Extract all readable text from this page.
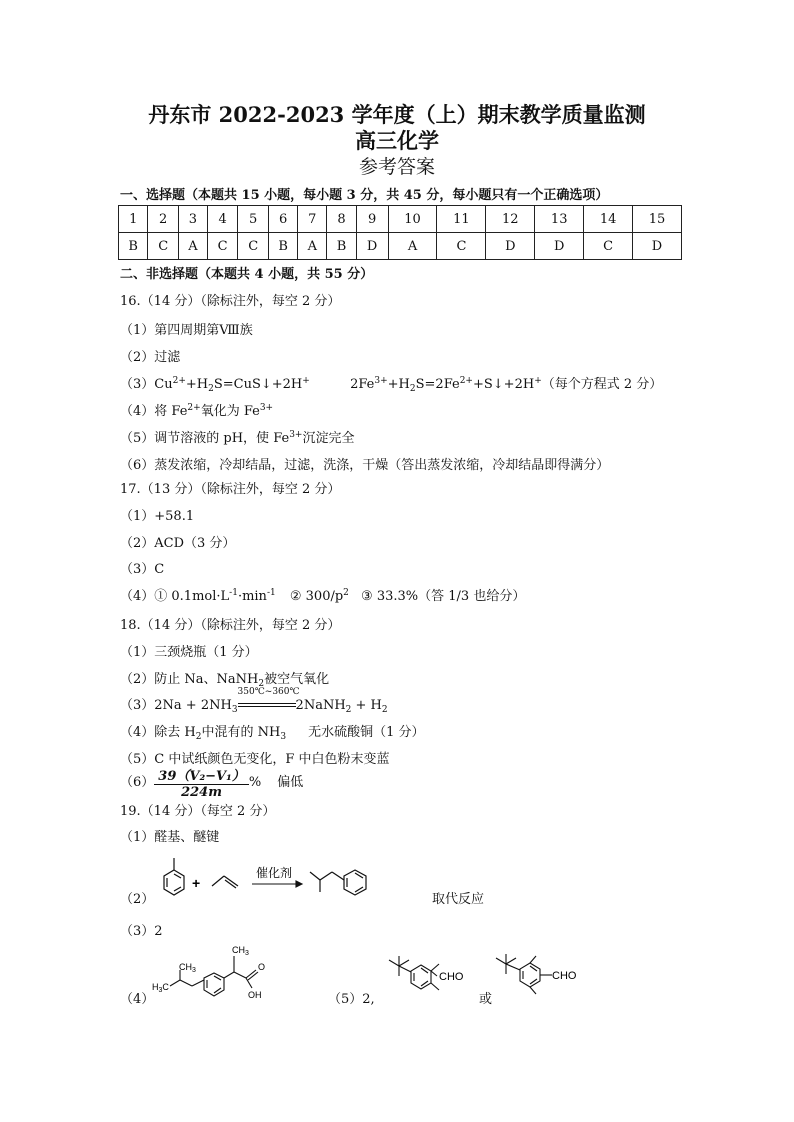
丹东市 2022-2023 学年度（上）期末教学质量监测
高三化学
参考答案
一、选择题（本题共 15 小题，每小题 3 分，共 45 分，每小题只有一个正确选项）
1	2	3	4	5	6	7	8	9	10	11	12	13	14	15
B	C	A	C	C	B	A	B	D	A	C	D	D	C	D
二、非选择题（本题共 4 小题，共 55 分）
16.（14 分）（除标注外，每空 2 分）
（1）第四周期第Ⅷ族
（2）过滤
$(3)Cu^{2+}+H_2S=CuS↓+2H^+$	$2Fe^{3+}+H_2S=2Fe^{2+}+S↓+2H^+$（每个方程式 2 分）
（4）将 $Fe^{2+}$氧化为 $Fe^{3+}$
（5）调节溶液的 pH，使 $Fe^{3+}$沉淀完全
（6）蒸发浓缩，冷却结晶，过滤，洗涤，干燥（答出蒸发浓缩，冷却结晶即得满分）
17.（13 分）（除标注外，每空 2 分）
（1）+58.1
（2）ACD（3 分）
（3）C
（4）① $0.1mol\cdot L^{-1}\cdot\min^{-1}$ ② $300/p^2$ ③ 33.3%（答 1/3 也给分）
18.（14 分）（除标注外，每空 2 分）
（1）三颈烧瓶（1 分）
（2）防止 Na、NaNH$_2$被空气氧化
$(3)2Na + 2NH_3$
350℃~360℃
2NaNH$_2$ + $H_2$
（4）除去 $H_2$中混有的 $NH_3$ 无水硫酸铜（1 分）
（5）C 中试纸颜色无变化，F 中白色粉末变蓝
$(6) \frac{\text{39（V₂−V₁）}}{224m}$ % 偏低
19.（14 分）（每空 2 分）
（1）醛基、醚键
（2）
+
催化剂
取代反应
（3）2
（4）
$CH_3$
$CH_3$
$H_3C$
O
OH	（5）2,
CHO
或
CHO
